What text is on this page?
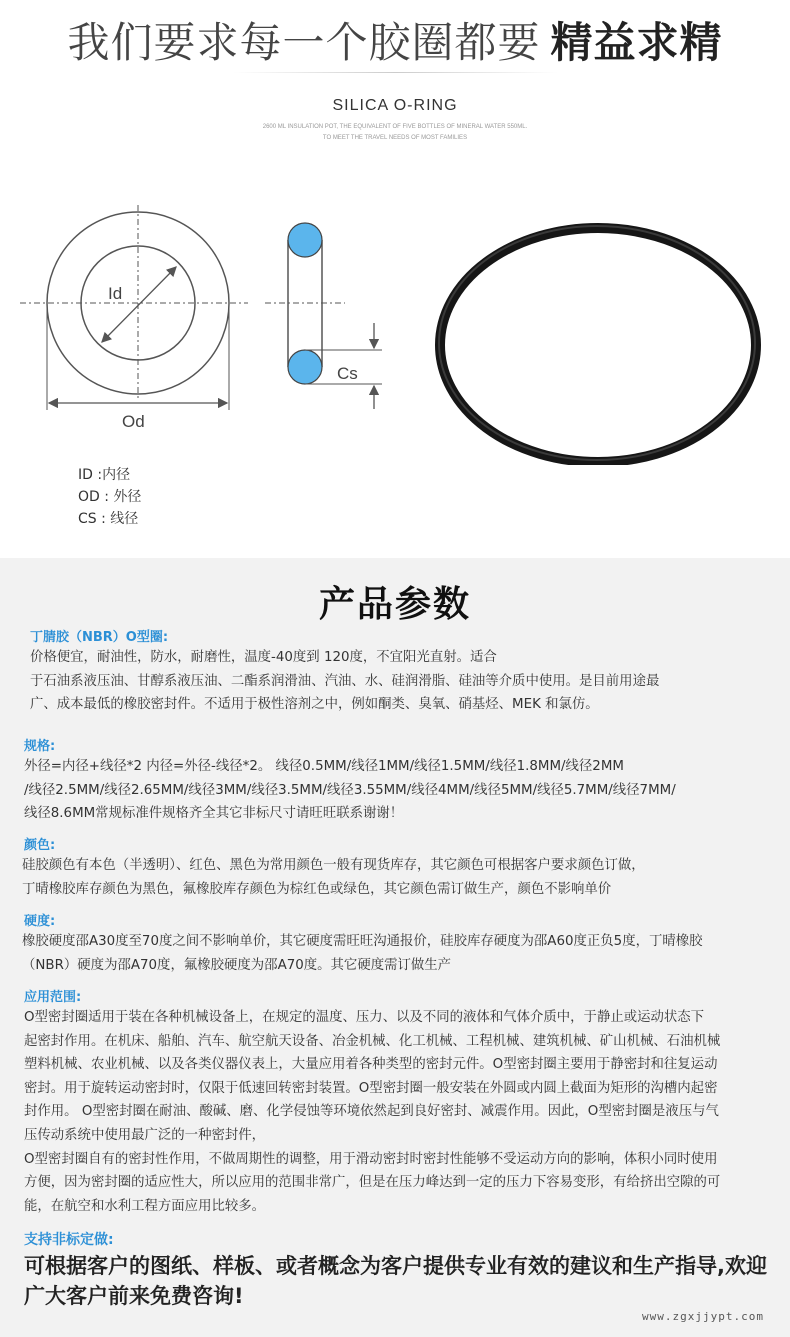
我们要求每一个胶圈都要 精益求精
SILICA O-RING
2600 ML INSULATION POT, THE EQUIVALENT OF FIVE BOTTLES OF MINERAL WATER 550ML.
TO MEET THE TRAVEL NEEDS OF MOST FAMILIES
Id
Od
Cs
ID :内径
OD : 外径
CS : 线径
产品参数
丁腈胶（NBR）O型圈:
价格便宜，耐油性，防水，耐磨性，温度-40度到 120度，不宜阳光直射。适合
于石油系液压油、甘醇系液压油、二酯系润滑油、汽油、水、硅润滑脂、硅油等介质中使用。是目前用途最
广、成本最低的橡胶密封件。不适用于极性溶剂之中，例如酮类、臭氧、硝基烃、MEK 和氯仿。
规格:
外径=内径+线径*2 内径=外径-线径*2。 线径0.5MM/线径1MM/线径1.5MM/线径1.8MM/线径2MM
/线径2.5MM/线径2.65MM/线径3MM/线径3.5MM/线径3.55MM/线径4MM/线径5MM/线径5.7MM/线径7MM/
线径8.6MM常规标准件规格齐全其它非标尺寸请旺旺联系谢谢！
颜色:
硅胶颜色有本色（半透明）、红色、黑色为常用颜色一般有现货库存，其它颜色可根据客户要求颜色订做，
丁晴橡胶库存颜色为黑色，氟橡胶库存颜色为棕红色或绿色，其它颜色需订做生产，颜色不影响单价
硬度:
橡胶硬度邵A30度至70度之间不影响单价，其它硬度需旺旺沟通报价，硅胶库存硬度为邵A60度正负5度，丁晴橡胶
（NBR）硬度为邵A70度，氟橡胶硬度为邵A70度。其它硬度需订做生产
应用范围:
O型密封圈适用于装在各种机械设备上，在规定的温度、压力、以及不同的液体和气体介质中，于静止或运动状态下
起密封作用。在机床、船舶、汽车、航空航天设备、冶金机械、化工机械、工程机械、建筑机械、矿山机械、石油机械
塑料机械、农业机械、以及各类仪器仪表上，大量应用着各种类型的密封元件。O型密封圈主要用于静密封和往复运动
密封。用于旋转运动密封时，仅限于低速回转密封装置。O型密封圈一般安装在外圆或内圆上截面为矩形的沟槽内起密
封作用。 O型密封圈在耐油、酸碱、磨、化学侵蚀等环境依然起到良好密封、减震作用。因此，O型密封圈是液压与气
压传动系统中使用最广泛的一种密封件，
O型密封圈自有的密封性作用，不做周期性的调整，用于滑动密封时密封性能够不受运动方向的影响，体积小同时使用
方便，因为密封圈的适应性大，所以应用的范围非常广，但是在压力峰达到一定的压力下容易变形，有给挤出空隙的可
能，在航空和水利工程方面应用比较多。
支持非标定做:
可根据客户的图纸、样板、或者概念为客户提供专业有效的建议和生产指导,欢迎
广大客户前来免费咨询!
www.zgxjjypt.com
